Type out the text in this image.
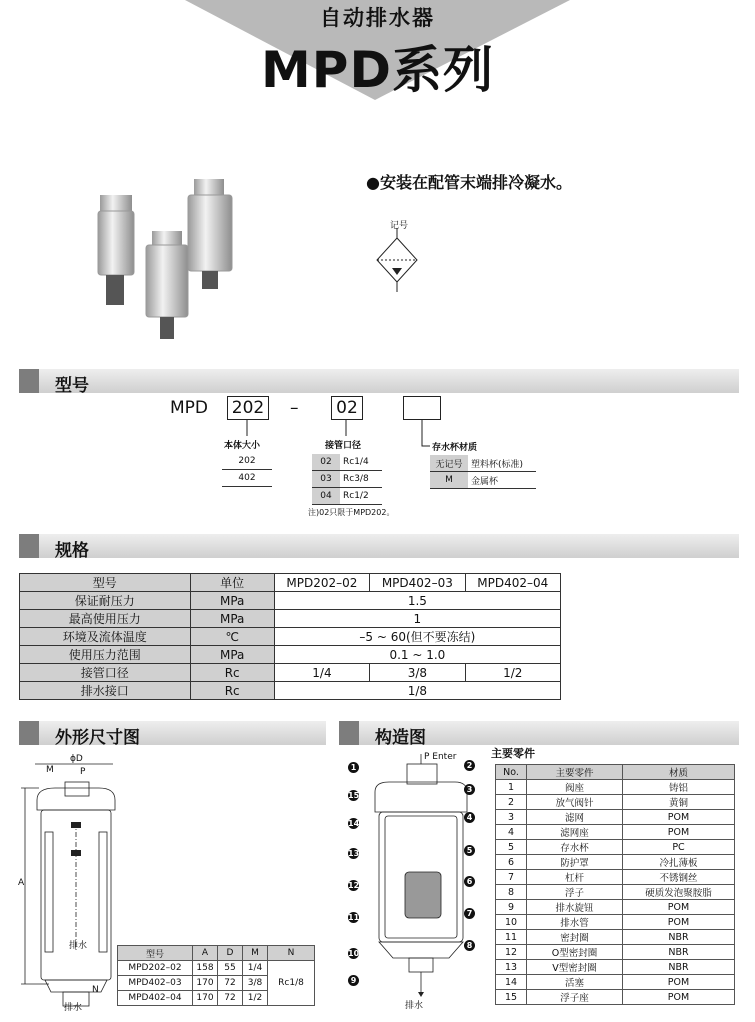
自动排水器
MPD系列
●安装在配管末端排冷凝水。
记号
型号
MPD 202 –	02
本体大小
202
402
接管口径
02	Rc1/4
03	Rc3/8
04	Rc1/2
注)02只限于MPD202。
存水杯材质
无记号	塑料杯(标准)
M	金属杯
规格
型号	单位	MPD202–02	MPD402–03	MPD402–04
保证耐压力	MPa	1.5		
最高使用压力	MPa	1		
环境及流体温度	℃	–5 ~ 60(但不要冻结)		
使用压力范围	MPa	0.1 ~ 1.0		
接管口径	Rc	1/4	3/8	1/2
排水接口	Rc	1/8		
外形尺寸图	构造图
ϕD
M	P
A
排水
N
排水
型号	A	D	M	N
MPD202–02	158	55	1/4	Rc1/8
MPD402–03	170	72	3/8	
MPD402–04	170	72	1/2	
P Enter
排水
1
15
14
13
12
11
10
9
2
3
4
5
6
7
8
主要零件
No.	主要零件	材质
1	阀座	铸铝
2	放气阀针	黄铜
3	滤网	POM
4	滤网座	POM
5	存水杯	PC
6	防护罩	冷扎薄板
7	杠杆	不锈钢丝
8	浮子	硬质发泡聚胺脂
9	排水旋钮	POM
10	排水管	POM
11	密封圈	NBR
12	O型密封圈	NBR
13	V型密封圈	NBR
14	活塞	POM
15	浮子座	POM
